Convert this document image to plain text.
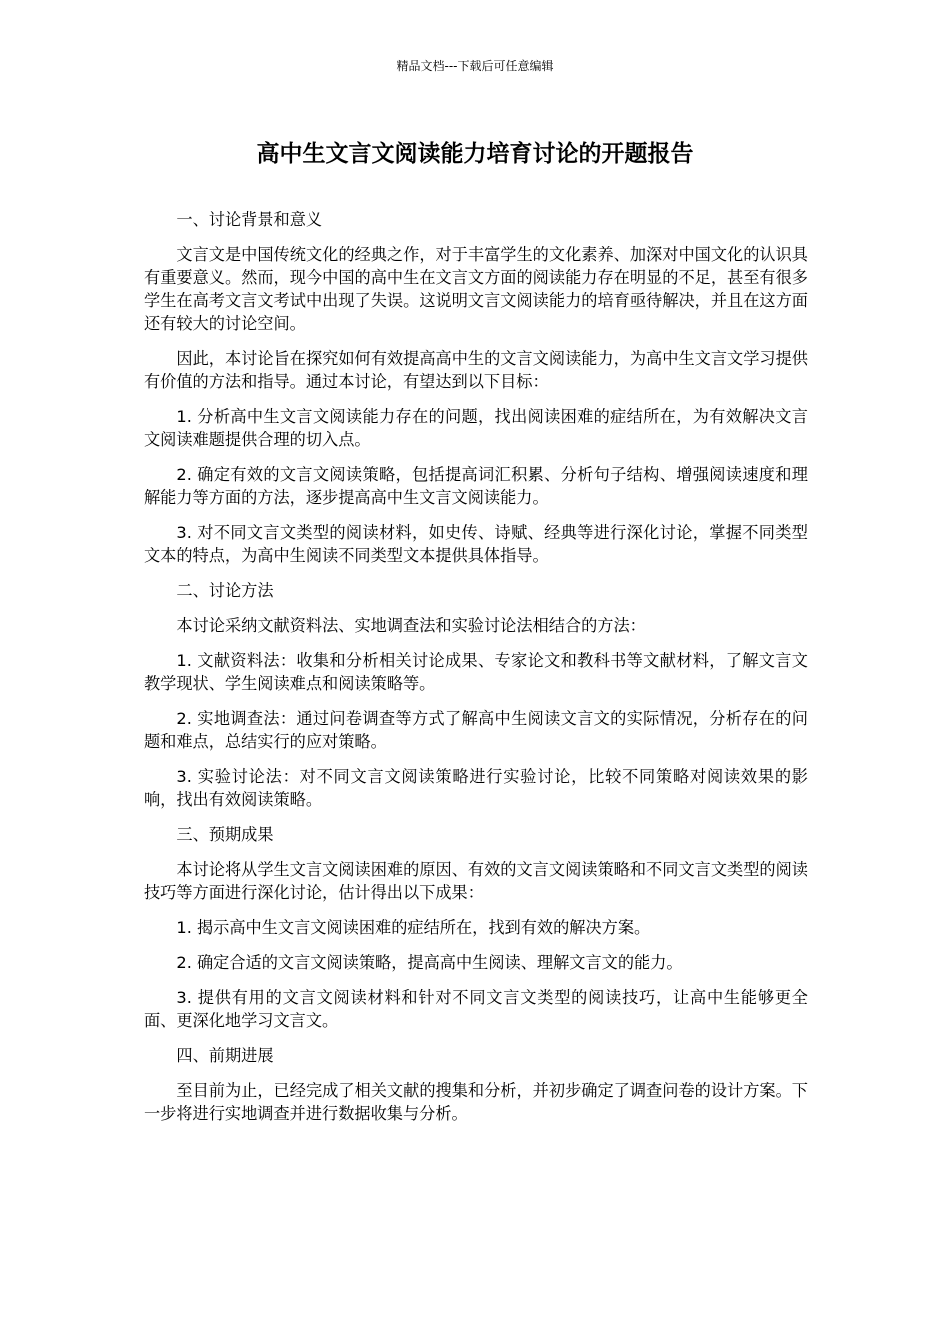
精品文档---下载后可任意编辑
高中生文言文阅读能力培育讨论的开题报告

一、讨论背景和意义

文言文是中国传统文化的经典之作，对于丰富学生的文化素养、加深对中国文化的认识具有重要意义。然而，现今中国的高中生在文言文方面的阅读能力存在明显的不足，甚至有很多学生在高考文言文考试中出现了失误。这说明文言文阅读能力的培育亟待解决，并且在这方面还有较大的讨论空间。

因此，本讨论旨在探究如何有效提高高中生的文言文阅读能力，为高中生文言文学习提供有价值的方法和指导。通过本讨论，有望达到以下目标：

1. 分析高中生文言文阅读能力存在的问题，找出阅读困难的症结所在，为有效解决文言文阅读难题提供合理的切入点。

2. 确定有效的文言文阅读策略，包括提高词汇积累、分析句子结构、增强阅读速度和理解能力等方面的方法，逐步提高高中生文言文阅读能力。

3. 对不同文言文类型的阅读材料，如史传、诗赋、经典等进行深化讨论，掌握不同类型文本的特点，为高中生阅读不同类型文本提供具体指导。

二、讨论方法

本讨论采纳文献资料法、实地调查法和实验讨论法相结合的方法：

1. 文献资料法：收集和分析相关讨论成果、专家论文和教科书等文献材料，了解文言文教学现状、学生阅读难点和阅读策略等。

2. 实地调查法：通过问卷调查等方式了解高中生阅读文言文的实际情况，分析存在的问题和难点，总结实行的应对策略。

3. 实验讨论法：对不同文言文阅读策略进行实验讨论，比较不同策略对阅读效果的影响，找出有效阅读策略。

三、预期成果

本讨论将从学生文言文阅读困难的原因、有效的文言文阅读策略和不同文言文类型的阅读技巧等方面进行深化讨论，估计得出以下成果：

1. 揭示高中生文言文阅读困难的症结所在，找到有效的解决方案。

2. 确定合适的文言文阅读策略，提高高中生阅读、理解文言文的能力。

3. 提供有用的文言文阅读材料和针对不同文言文类型的阅读技巧，让高中生能够更全面、更深化地学习文言文。

四、前期进展

至目前为止，已经完成了相关文献的搜集和分析，并初步确定了调查问卷的设计方案。下一步将进行实地调查并进行数据收集与分析。
